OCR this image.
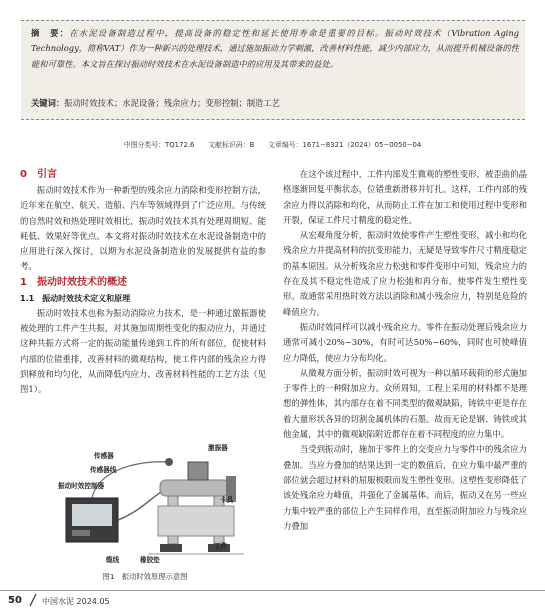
摘　要：在水泥设备制造过程中，提高设备的稳定性和延长使用寿命是重要的目标。振动时效技术（Vibration Aging Technology，简称VAT）作为一种新兴的处理技术，通过施加振动力学刺激，改善材料性能，减少内部应力，从而提升机械设备的性能和可靠性。本文旨在探讨振动时效技术在水泥设备制造中的应用及其带来的益处。
关键词：振动时效技术；水泥设备；残余应力；变形控制；制造工艺
中图分类号：TQ172.6　　文献标识码：B　　文章编号：1671−8321（2024）05−0050−04
0　引言

振动时效技术作为一种新型的残余应力消除和变形控制方法，近年来在航空、航天、造船、汽车等领域得到了广泛应用。与传统的自然时效和热处理时效相比，振动时效技术具有处理周期短、能耗低、效果好等优点。本文将对振动时效技术在水泥设备制造中的应用进行深入探讨，以期为水泥设备制造业的发展提供有益的参考。

1　振动时效技术的概述
1.1　振动时效技术定义和原理

振动时效技术也称为振动消除应力技术，是一种通过激振器使被处理的工件产生共振，对其施加周期性变化的振动应力，并通过这种共振方式将一定的振动能量传递到工件的所有部位，促使材料内部的位错重排，改善材料的微观结构，使工件内部的残余应力得到释放和均匀化，从而降低内应力、改善材料性能的工艺方法（见图1）。

传感器
传感器线
振动时效控制器
激振器
卡具
工件
橡胶垫
缆线
图1　振动时效原理示意图

在这个该过程中，工件内部发生微观的塑性变形，被歪曲的晶格逐渐回复平衡状态，位错重新滑移并钉扎。这样，工件内部的残余应力得以消除和均化，从而防止工件在加工和使用过程中变形和开裂，保证工件尺寸精度的稳定性。

从宏观角度分析，振动时效使零件产生塑性变形，减小和均化残余应力并提高材料的抗变形能力，无疑是导致零件尺寸精度稳定的基本原因。从分析残余应力松弛和零件变形中可知，残余应力的存在及其不稳定性造成了应力松弛和再分布，使零件发生塑性变形。故通常采用热时效方法以消除和减小残余应力，特别是危险的峰值应力。

振动时效同样可以减小残余应力。零件在振动处理后残余应力通常可减小20%~30%，有时可达50%~60%，同时也可使峰值应力降低，使应力分布均化。

从微观方面分析，振动时效可视为一种以循环载荷的形式施加于零件上的一种附加应力。众所周知，工程上采用的材料都不是理想的弹性体，其内部存在着不同类型的微观缺陷，铸铁中更是存在着大量形状各异的切割金属机体的石墨。故而无论是钢、铸铁或其他金属，其中的微观缺陷附近都存在着不同程度的应力集中。

当受到振动时，施加于零件上的交变应力与零件中的残余应力叠加。当应力叠加的结果达到一定的数值后，在应力集中最严重的部位就会超过材料的屈服极限而发生塑性变形。这塑性变形降低了该处残余应力峰值，并强化了金属基体。而后，振动又在另一些应力集中较严重的部位上产生同样作用，直至振动附加应力与残余应力叠加

50	中国水泥 2024.05
